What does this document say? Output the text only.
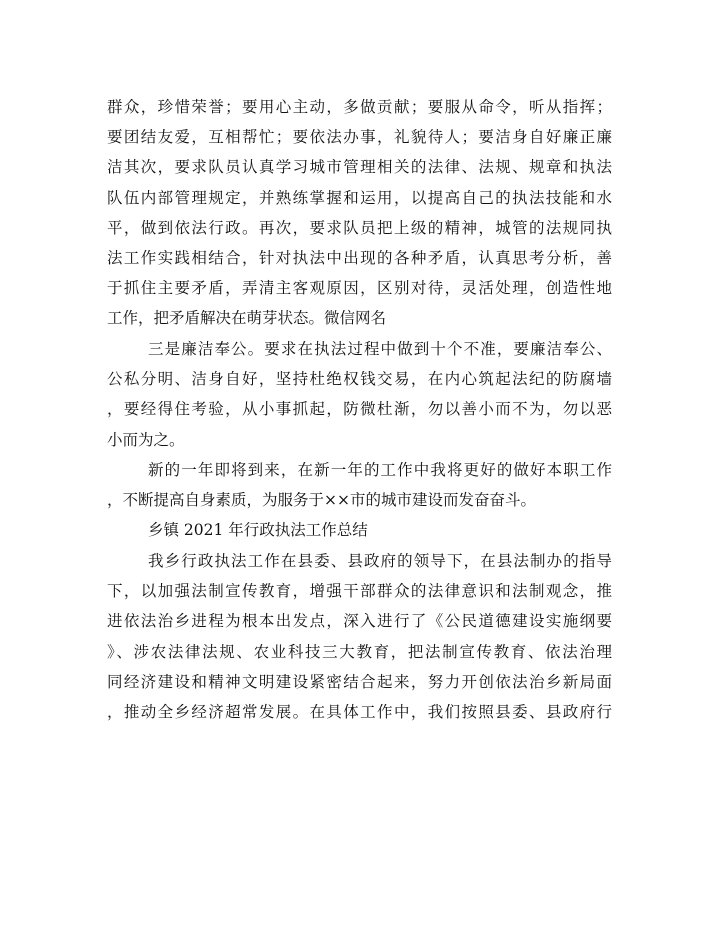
群众，珍惜荣誉；要用心主动，多做贡献；要服从命令，听从指挥；
要团结友爱，互相帮忙；要依法办事，礼貌待人；要洁身自好廉正廉
洁其次，要求队员认真学习城市管理相关的法律、法规、规章和执法
队伍内部管理规定，并熟练掌握和运用，以提高自己的执法技能和水
平，做到依法行政。再次，要求队员把上级的精神，城管的法规同执
法工作实践相结合，针对执法中出现的各种矛盾，认真思考分析，善
于抓住主要矛盾，弄清主客观原因，区别对待，灵活处理，创造性地
工作，把矛盾解决在萌芽状态。微信网名
三是廉洁奉公。要求在执法过程中做到十个不准，要廉洁奉公、
公私分明、洁身自好，坚持杜绝权钱交易，在内心筑起法纪的防腐墙
，要经得住考验，从小事抓起，防微杜渐，勿以善小而不为，勿以恶
小而为之。
新的一年即将到来，在新一年的工作中我将更好的做好本职工作
，不断提高自身素质，为服务于××市的城市建设而发奋奋斗。
乡镇 2021 年行政执法工作总结
我乡行政执法工作在县委、县政府的领导下，在县法制办的指导
下，以加强法制宣传教育，增强干部群众的法律意识和法制观念，推
进依法治乡进程为根本出发点，深入进行了《公民道德建设实施纲要
》、涉农法律法规、农业科技三大教育，把法制宣传教育、依法治理
同经济建设和精神文明建设紧密结合起来，努力开创依法治乡新局面
，推动全乡经济超常发展。在具体工作中，我们按照县委、县政府行
